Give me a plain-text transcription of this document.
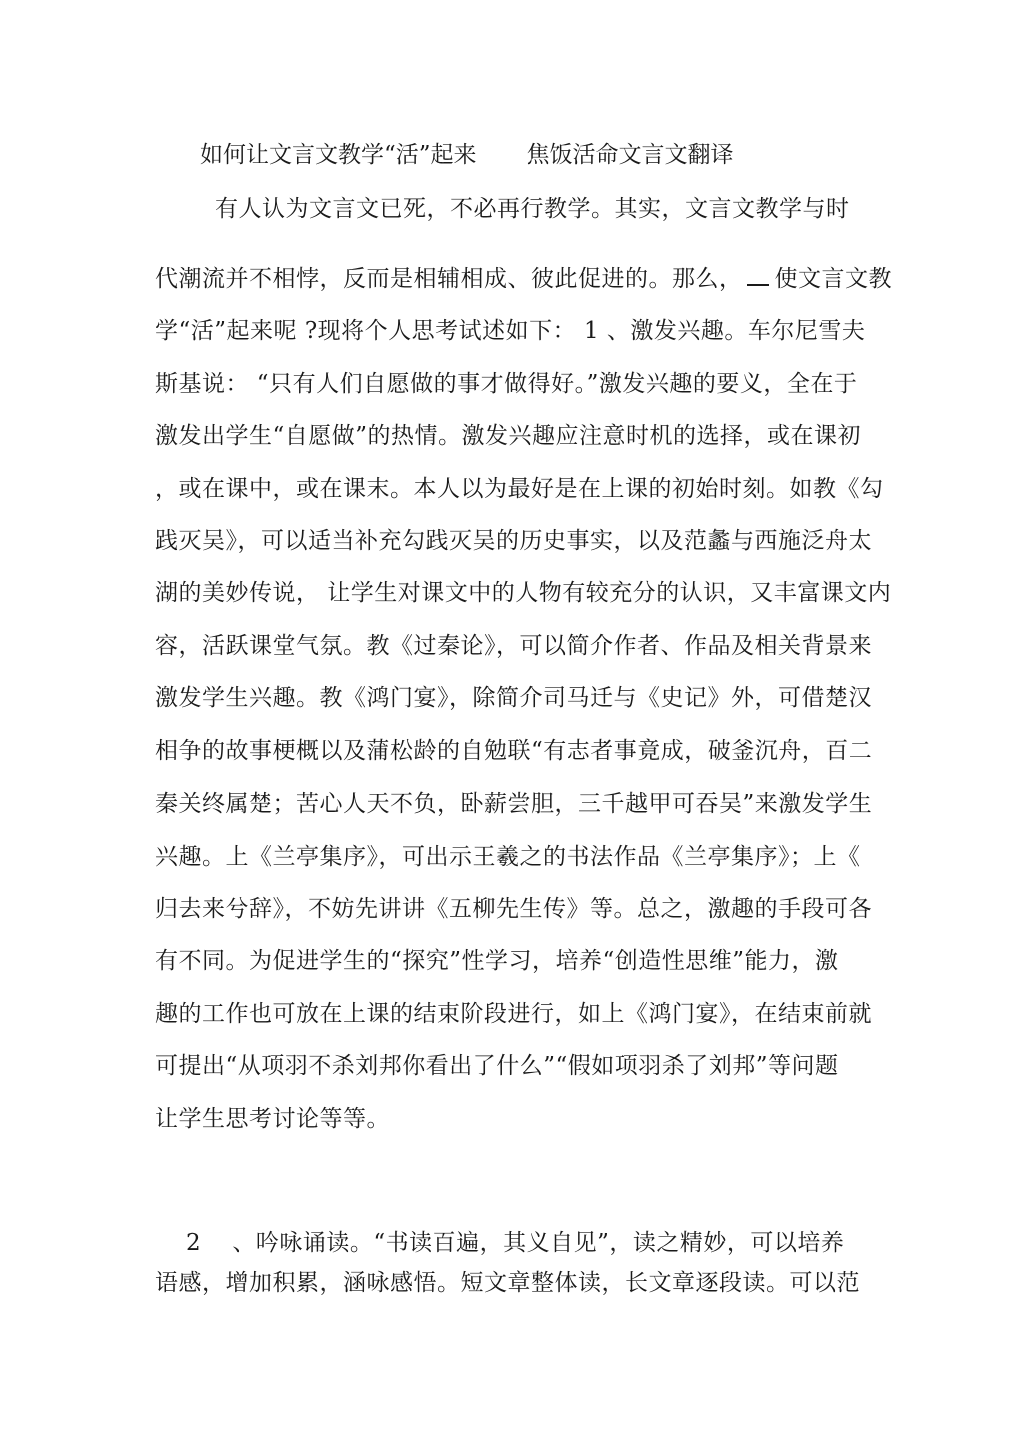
如何让文言文教学“活”起来 焦饭活命文言文翻译
有人认为文言文已死，不必再行教学。其实，文言文教学与时
代潮流并不相悖，反而是相辅相成、彼此促进的。那么， 使文言文教
学“活”起来呢 ?现将个人思考试述如下： 1 、激发兴趣。车尔尼雪夫
斯基说： “只有人们自愿做的事才做得好。”激发兴趣的要义，全在于
激发出学生“自愿做”的热情。激发兴趣应注意时机的选择，或在课初
，或在课中，或在课末。本人以为最好是在上课的初始时刻。如教《勾
践灭吴》，可以适当补充勾践灭吴的历史事实，以及范蠡与西施泛舟太
湖的美妙传说， 让学生对课文中的人物有较充分的认识，又丰富课文内
容，活跃课堂气氛。教《过秦论》，可以简介作者、作品及相关背景来
激发学生兴趣。教《鸿门宴》，除简介司马迁与《史记》外，可借楚汉
相争的故事梗概以及蒲松龄的自勉联“有志者事竟成，破釜沉舟，百二
秦关终属楚；苦心人天不负，卧薪尝胆，三千越甲可吞吴”来激发学生
兴趣。上《兰亭集序》，可出示王羲之的书法作品《兰亭集序》；上《
归去来兮辞》，不妨先讲讲《五柳先生传》等。总之，激趣的手段可各
有不同。为促进学生的“探究”性学习，培养“创造性思维”能力，激
趣的工作也可放在上课的结束阶段进行，如上《鸿门宴》，在结束前就
可提出“从项羽不杀刘邦你看出了什么”“假如项羽杀了刘邦”等问题
让学生思考讨论等等。
2    、吟咏诵读。“书读百遍，其义自见”，读之精妙，可以培养
语感，增加积累，涵咏感悟。短文章整体读，长文章逐段读。可以范
